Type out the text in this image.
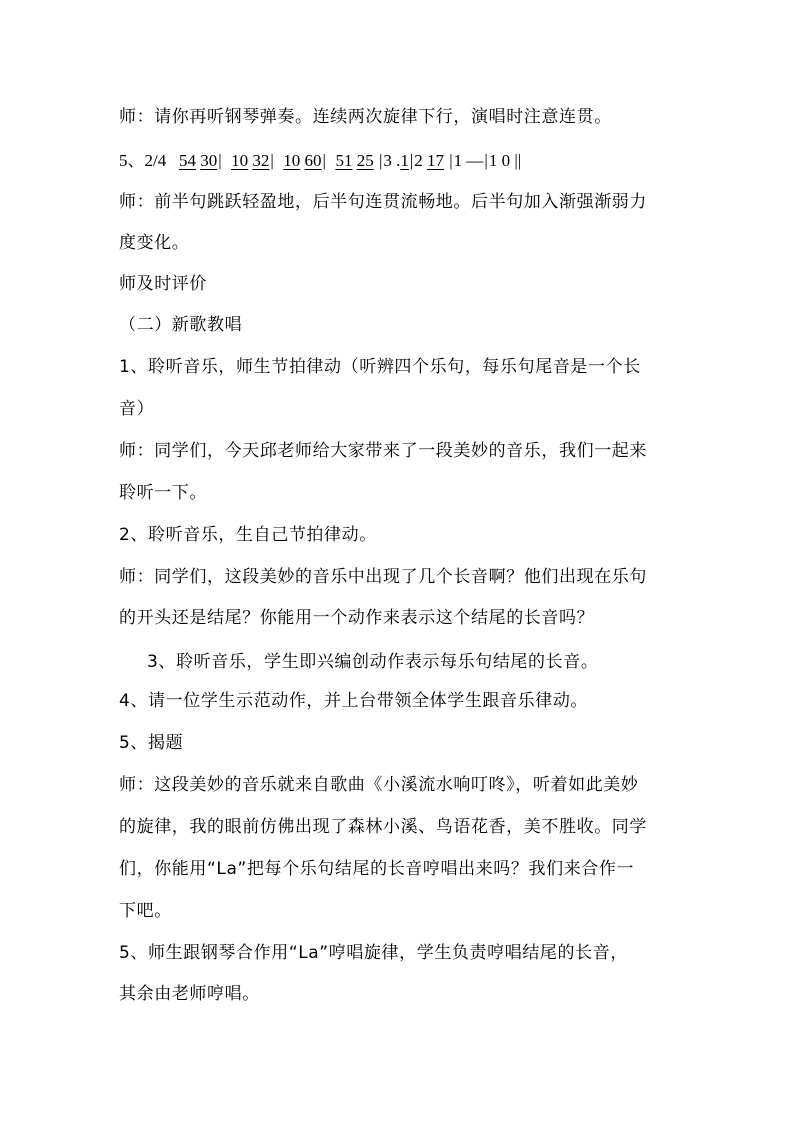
师：请你再听钢琴弹奏。连续两次旋律下行，演唱时注意连贯。
5、2/4 54 30| 10 32| 10 60| 51 25 |3 .1|2 17 |1 —|1 0 ||
师：前半句跳跃轻盈地，后半句连贯流畅地。后半句加入渐强渐弱力
度变化。
师及时评价
（二）新歌教唱
1、聆听音乐，师生节拍律动（听辨四个乐句，每乐句尾音是一个长
音）
师：同学们，今天邱老师给大家带来了一段美妙的音乐，我们一起来
聆听一下。
2、聆听音乐，生自己节拍律动。
师：同学们，这段美妙的音乐中出现了几个长音啊？他们出现在乐句
的开头还是结尾？你能用一个动作来表示这个结尾的长音吗？
3、聆听音乐，学生即兴编创动作表示每乐句结尾的长音。
4、请一位学生示范动作，并上台带领全体学生跟音乐律动。
5、揭题
师：这段美妙的音乐就来自歌曲《小溪流水响叮咚》，听着如此美妙
的旋律，我的眼前仿佛出现了森林小溪、鸟语花香，美不胜收。同学
们，你能用“La”把每个乐句结尾的长音哼唱出来吗？我们来合作一
下吧。
5、师生跟钢琴合作用“La”哼唱旋律，学生负责哼唱结尾的长音，
其余由老师哼唱。
